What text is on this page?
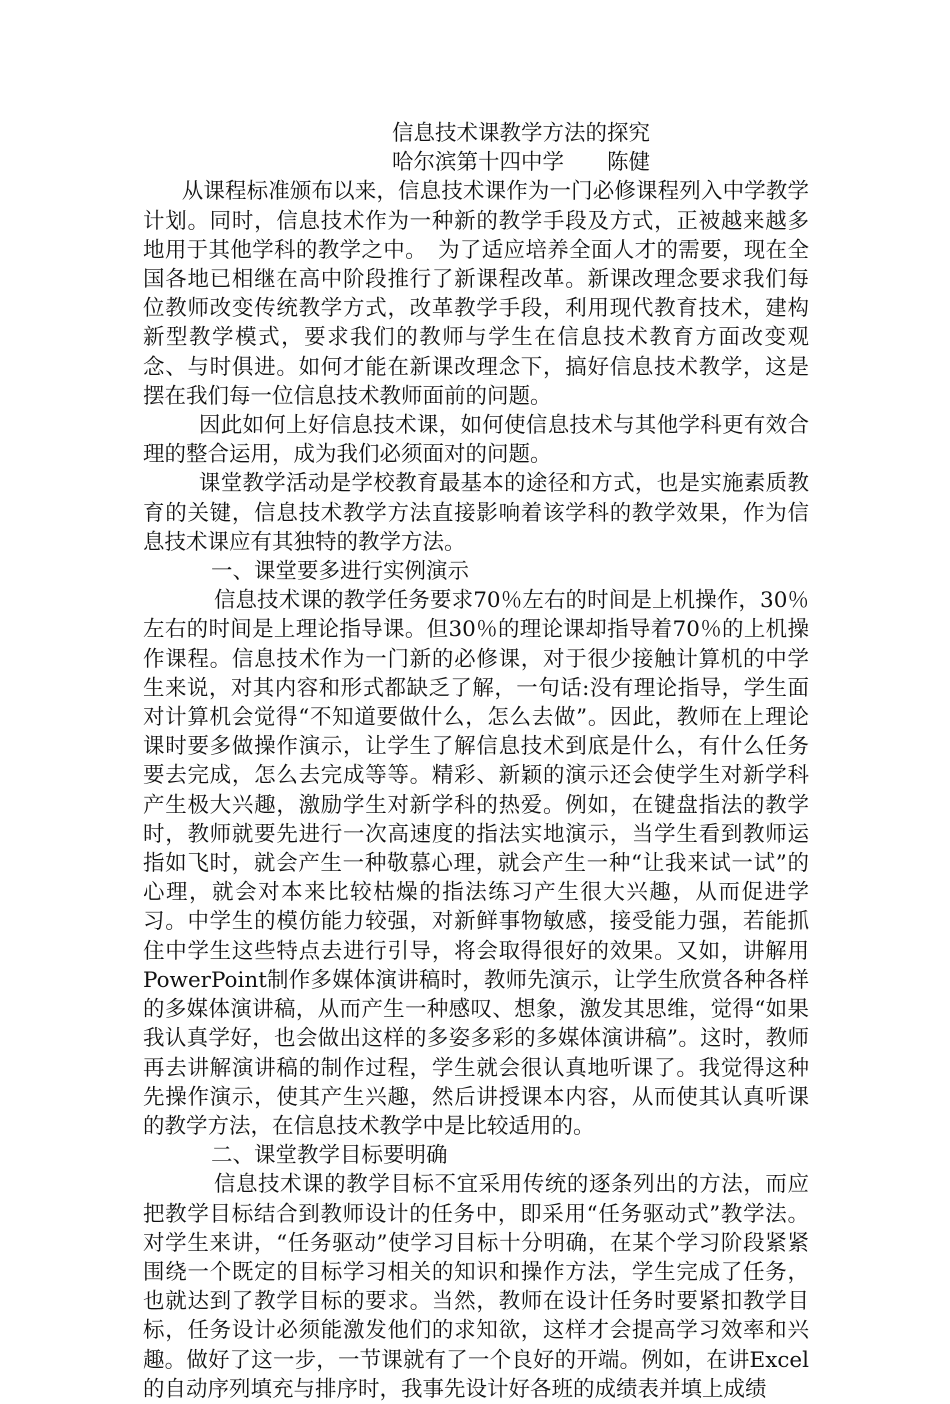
信息技术课教学方法的探究

哈尔滨第十四中学　　陈健

从课程标准颁布以来，信息技术课作为一门必修课程列入中学教学计划。同时，信息技术作为一种新的教学手段及方式，正被越来越多地用于其他学科的教学之中。　为了适应培养全面人才的需要，现在全国各地已相继在高中阶段推行了新课程改革。新课改理念要求我们每位教师改变传统教学方式，改革教学手段，利用现代教育技术，建构新型教学模式，要求我们的教师与学生在信息技术教育方面改变观念、与时俱进。如何才能在新课改理念下，搞好信息技术教学，这是摆在我们每一位信息技术教师面前的问题。

因此如何上好信息技术课，如何使信息技术与其他学科更有效合理的整合运用，成为我们必须面对的问题。

课堂教学活动是学校教育最基本的途径和方式，也是实施素质教育的关键，信息技术教学方法直接影响着该学科的教学效果，作为信息技术课应有其独特的教学方法。

一、课堂要多进行实例演示

信息技术课的教学任务要求70％左右的时间是上机操作，30％左右的时间是上理论指导课。但30％的理论课却指导着70％的上机操作课程。信息技术作为一门新的必修课，对于很少接触计算机的中学生来说，对其内容和形式都缺乏了解，一句话:没有理论指导，学生面对计算机会觉得“不知道要做什么，怎么去做”。因此，教师在上理论课时要多做操作演示，让学生了解信息技术到底是什么，有什么任务要去完成，怎么去完成等等。精彩、新颖的演示还会使学生对新学科产生极大兴趣，激励学生对新学科的热爱。例如，在键盘指法的教学时，教师就要先进行一次高速度的指法实地演示，当学生看到教师运指如飞时，就会产生一种敬慕心理，就会产生一种“让我来试一试”的心理，就会对本来比较枯燥的指法练习产生很大兴趣，从而促进学习。中学生的模仿能力较强，对新鲜事物敏感，接受能力强，若能抓住中学生这些特点去进行引导，将会取得很好的效果。又如，讲解用PowerPoint制作多媒体演讲稿时，教师先演示，让学生欣赏各种各样的多媒体演讲稿，从而产生一种感叹、想象，激发其思维，觉得“如果我认真学好，也会做出这样的多姿多彩的多媒体演讲稿”。这时，教师再去讲解演讲稿的制作过程，学生就会很认真地听课了。我觉得这种先操作演示，使其产生兴趣，然后讲授课本内容，从而使其认真听课的教学方法，在信息技术教学中是比较适用的。

二、课堂教学目标要明确

信息技术课的教学目标不宜采用传统的逐条列出的方法，而应把教学目标结合到教师设计的任务中，即采用“任务驱动式”教学法。对学生来讲，“任务驱动”使学习目标十分明确，在某个学习阶段紧紧围绕一个既定的目标学习相关的知识和操作方法，学生完成了任务，也就达到了教学目标的要求。当然，教师在设计任务时要紧扣教学目标，任务设计必须能激发他们的求知欲，这样才会提高学习效率和兴趣。做好了这一步，一节课就有了一个良好的开端。例如，在讲Excel的自动序列填充与排序时，我事先设计好各班的成绩表并填上成绩
